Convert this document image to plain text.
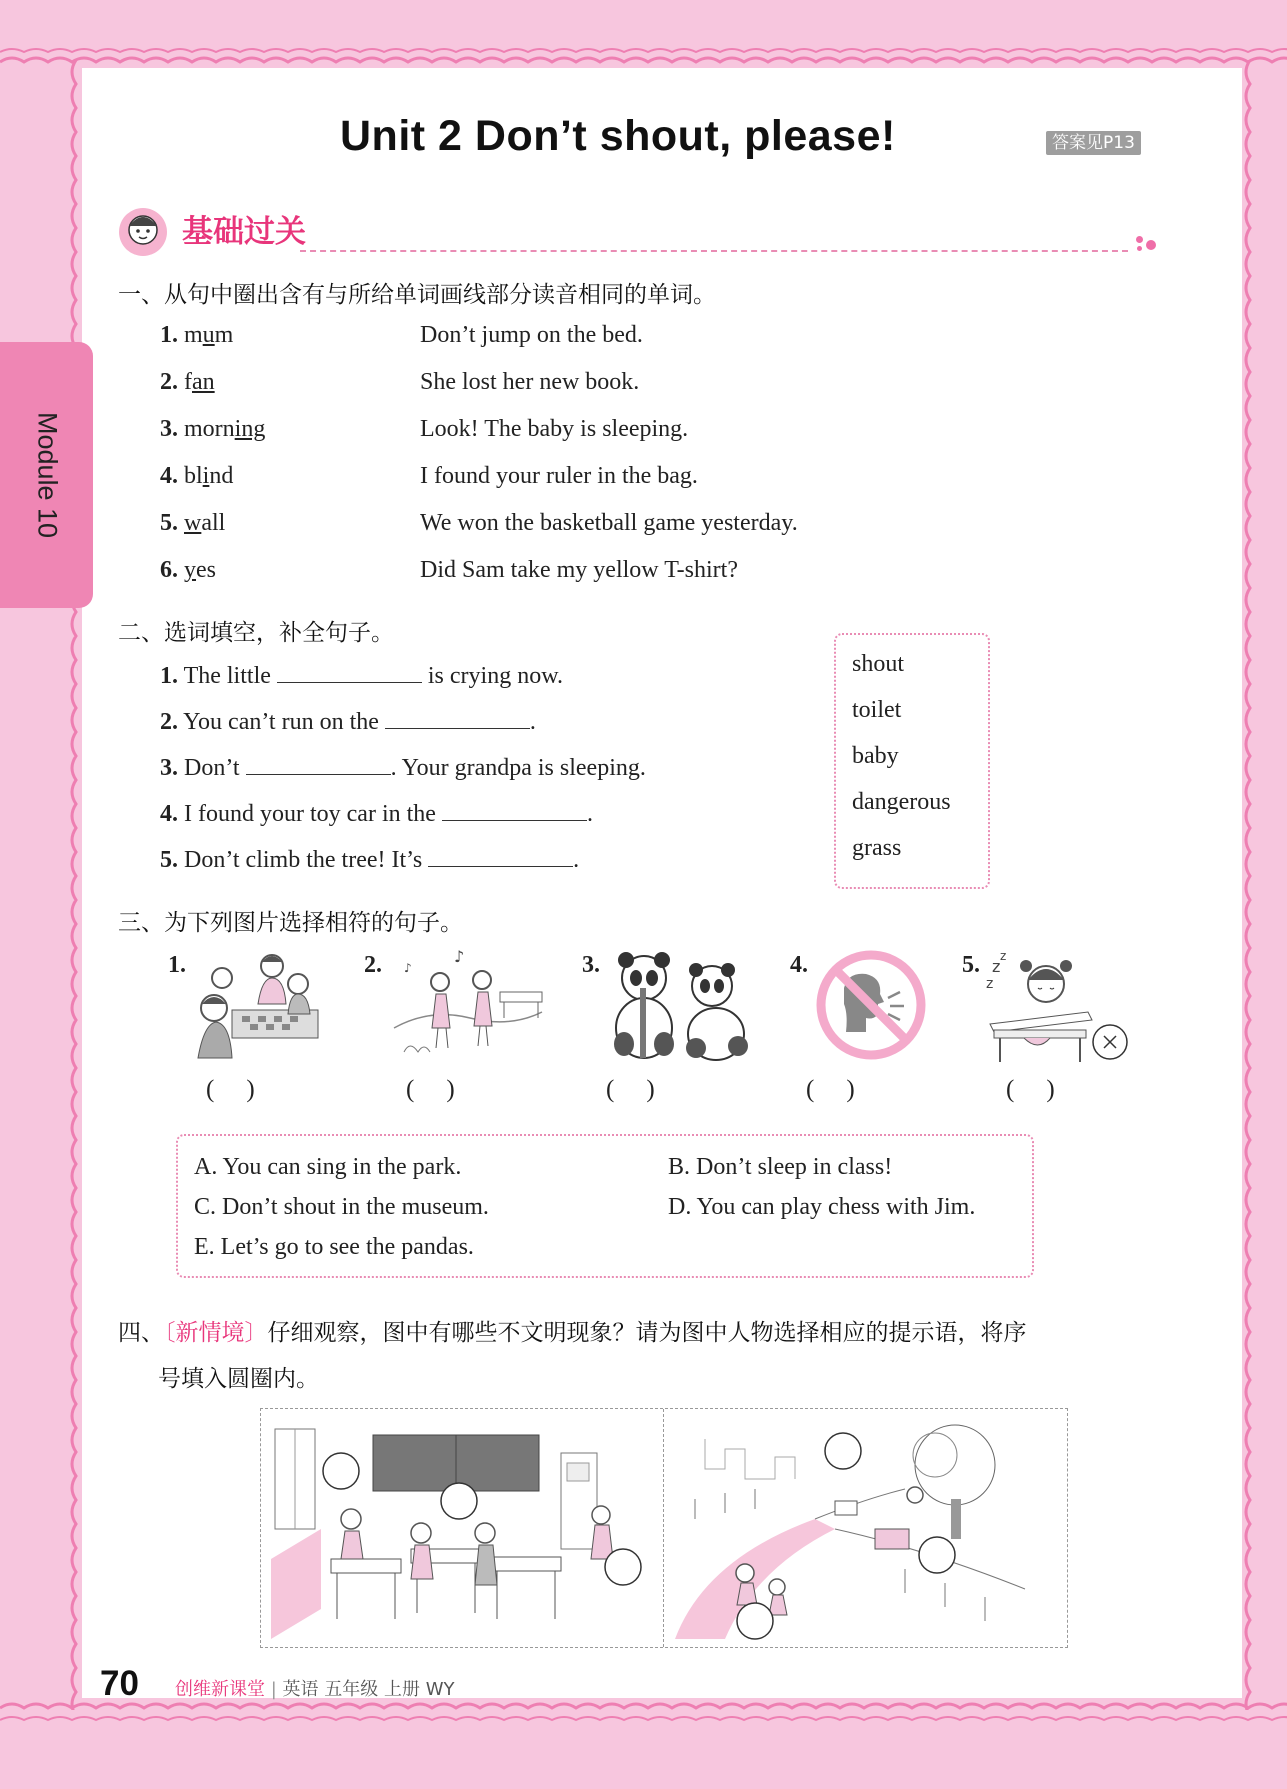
Module 10
Unit 2 Don’t shout, please!	答案见P13
基础过关
一、从句中圈出含有与所给单词画线部分读音相同的单词。
1. mum	Don’t jump on the bed.
2. fan	She lost her new book.
3. morning	Look! The baby is sleeping.
4. blind	I found your ruler in the bag.
5. wall	We won the basketball game yesterday.
6. yes	Did Sam take my yellow T-shirt?
二、选词填空，补全句子。
1. The little	is crying now.
2. You can’t run on the	.
3. Don’t	. Your grandpa is sleeping.
4. I found your toy car in the	.
5. Don’t climb the tree! It’s	.
shout
toilet
baby
dangerous
grass
三、为下列图片选择相符的句子。
1.	2.	3.	4.	5.
♪
♪	z
z
z
()	()	()	()	()
A. You can sing in the park.	B. Don’t sleep in class!
C. Don’t shout in the museum.	D. You can play chess with Jim.
E. Let’s go to see the pandas.
四、〔新情境〕仔细观察，图中有哪些不文明现象？请为图中人物选择相应的提示语，将序
号填入圆圈内。
70 创维新课堂 | 英语 五年级 上册 WY
